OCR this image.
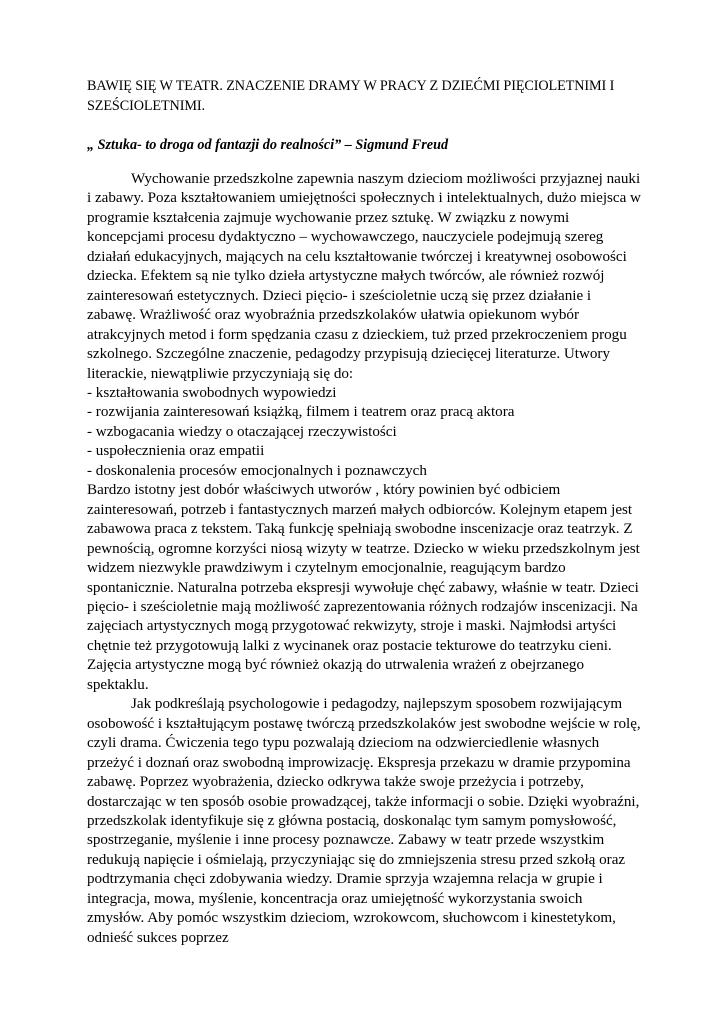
BAWIĘ SIĘ W TEATR. ZNACZENIE DRAMY W PRACY Z DZIEĆMI PIĘCIOLETNIMI I SZEŚCIOLETNIMI.

„ Sztuka- to droga od fantazji do realności” – Sigmund Freud

Wychowanie przedszkolne zapewnia naszym dzieciom możliwości przyjaznej nauki i zabawy. Poza kształtowaniem umiejętności społecznych i intelektualnych, dużo miejsca w programie kształcenia zajmuje wychowanie przez sztukę. W związku z nowymi koncepcjami procesu dydaktyczno – wychowawczego, nauczyciele podejmują szereg działań edukacyjnych, mających na celu kształtowanie twórczej i kreatywnej osobowości dziecka. Efektem są nie tylko dzieła artystyczne małych twórców, ale również rozwój zainteresowań estetycznych. Dzieci pięcio- i sześcioletnie uczą się przez działanie i zabawę. Wrażliwość oraz wyobraźnia przedszkolaków ułatwia opiekunom wybór atrakcyjnych metod i form spędzania czasu z dzieckiem, tuż przed przekroczeniem progu szkolnego. Szczególne znaczenie, pedagodzy przypisują dziecięcej literaturze. Utwory literackie, niewątpliwie przyczyniają się do:

- kształtowania swobodnych wypowiedzi
- rozwijania zainteresowań książką, filmem i teatrem oraz pracą aktora
- wzbogacania wiedzy o otaczającej rzeczywistości
- uspołecznienia oraz empatii
- doskonalenia procesów emocjonalnych i poznawczych

Bardzo istotny jest dobór właściwych utworów , który powinien być odbiciem zainteresowań, potrzeb i fantastycznych marzeń małych odbiorców. Kolejnym etapem jest zabawowa praca z tekstem. Taką funkcję spełniają swobodne inscenizacje oraz teatrzyk. Z pewnością, ogromne korzyści niosą wizyty w teatrze. Dziecko w wieku przedszkolnym jest widzem niezwykle prawdziwym i czytelnym emocjonalnie, reagującym bardzo spontanicznie. Naturalna potrzeba ekspresji wywołuje chęć zabawy, właśnie w teatr. Dzieci pięcio- i sześcioletnie mają możliwość zaprezentowania różnych rodzajów inscenizacji. Na zajęciach artystycznych mogą przygotować rekwizyty, stroje i maski. Najmłodsi artyści chętnie też przygotowują lalki z wycinanek oraz postacie tekturowe do teatrzyku cieni. Zajęcia artystyczne mogą być również okazją do utrwalenia wrażeń z obejrzanego spektaklu.

Jak podkreślają psychologowie i pedagodzy, najlepszym sposobem rozwijającym osobowość i kształtującym postawę twórczą przedszkolaków jest swobodne wejście w rolę, czyli drama. Ćwiczenia tego typu pozwalają dzieciom na odzwierciedlenie własnych przeżyć i doznań oraz swobodną improwizację. Ekspresja przekazu w dramie przypomina zabawę. Poprzez wyobrażenia, dziecko odkrywa także swoje przeżycia i potrzeby, dostarczając w ten sposób osobie prowadzącej, także informacji o sobie. Dzięki wyobraźni, przedszkolak identyfikuje się z główna postacią, doskonaląc tym samym pomysłowość, spostrzeganie, myślenie i inne procesy poznawcze. Zabawy w teatr przede wszystkim redukują napięcie i ośmielają, przyczyniając się do zmniejszenia stresu przed szkołą oraz podtrzymania chęci zdobywania wiedzy. Dramie sprzyja wzajemna relacja w grupie i integracja, mowa, myślenie, koncentracja oraz umiejętność wykorzystania swoich zmysłów. Aby pomóc wszystkim dzieciom, wzrokowcom, słuchowcom i kinestetykom, odnieść sukces poprzez
